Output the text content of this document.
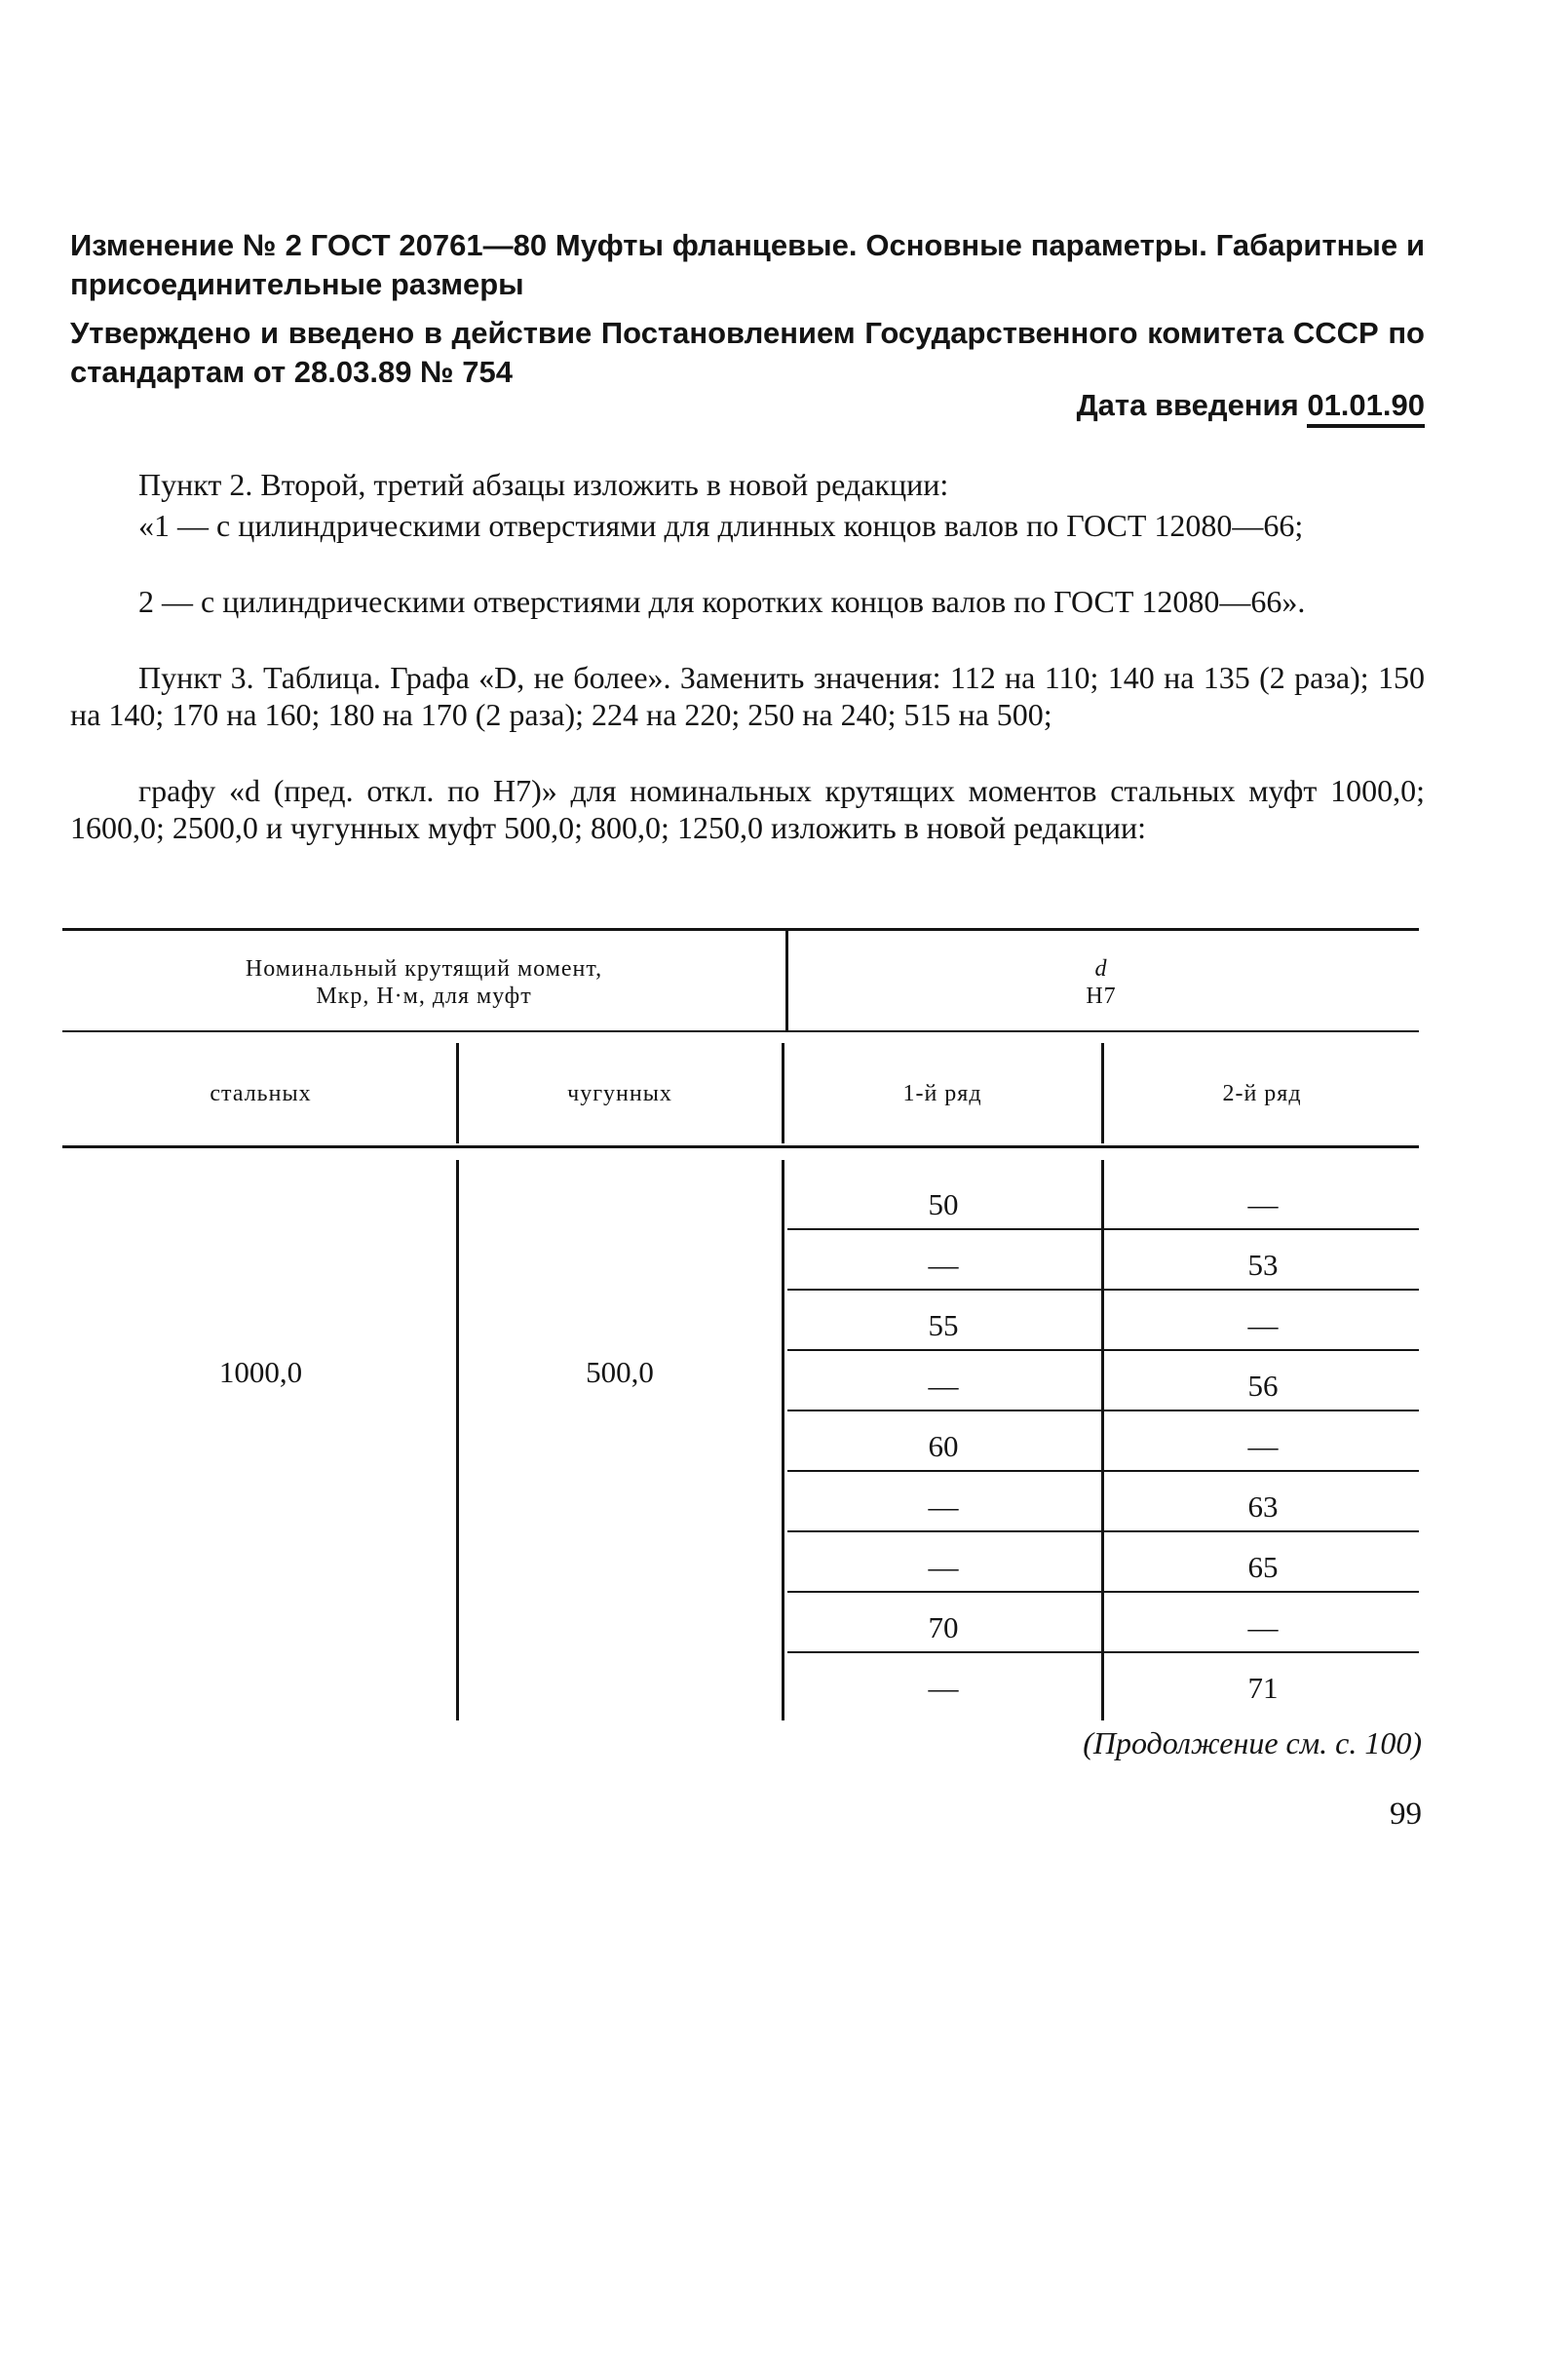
Изменение № 2 ГОСТ 20761—80 Муфты фланцевые. Основные параметры. Габаритные и присоединительные размеры
Утверждено и введено в действие Постановлением Государственного комитета СССР по стандартам от 28.03.89 № 754
Дата введения 01.01.90
Пункт 2. Второй, третий абзацы изложить в новой редакции:
«1 — с цилиндрическими отверстиями для длинных концов валов по ГОСТ 12080—66;
2 — с цилиндрическими отверстиями для коротких концов валов по ГОСТ 12080—66».
Пункт 3. Таблица. Графа «D, не более». Заменить значения: 112 на 110; 140 на 135 (2 раза); 150 на 140; 170 на 160; 180 на 170 (2 раза); 224 на 220; 250 на 240; 515 на 500;
графу «d (пред. откл. по H7)» для номинальных крутящих моментов стальных муфт 1000,0; 1600,0; 2500,0 и чугунных муфт 500,0; 800,0; 1250,0 изложить в новой редакции:
Номинальный крутящий момент,
Mкр, Н·м, для муфт
d
H7
стальных	чугунных	1-й ряд	2-й ряд
1000,0	500,0
50	—
—	53
55	—
—	56
60	—
—	63
—	65
70	—
—	71
(Продолжение см. с. 100)
99
